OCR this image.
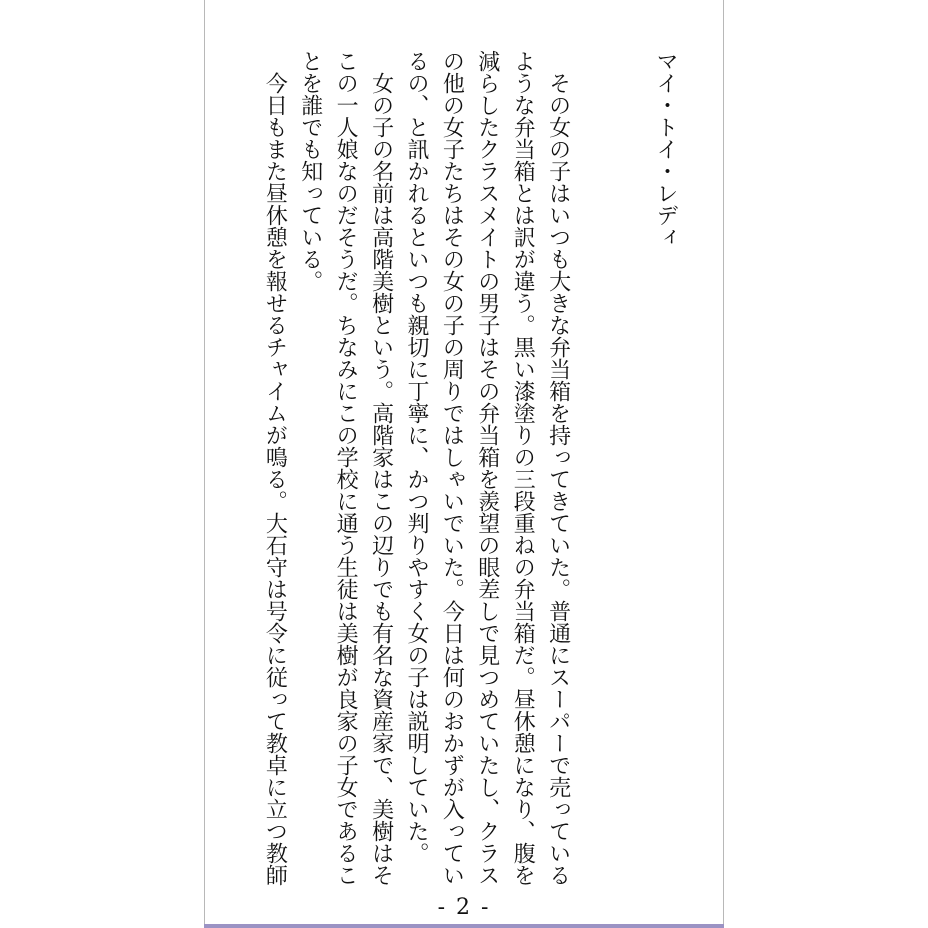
マイ・トイ・レディ

その女の子はいつも大きな弁当箱を持ってきていた。普通にスーパーで売っているような弁当箱とは訳が違う。黒い漆塗りの三段重ねの弁当箱だ。昼休憩になり、腹を減らしたクラスメイトの男子はその弁当箱を羨望の眼差しで見つめていたし、クラスの他の女子たちはその女の子の周りではしゃいでいた。今日は何のおかずが入っているの、と訊かれるといつも親切に丁寧に、かつ判りやすく女の子は説明していた。

女の子の名前は高階美樹という。高階家はこの辺りでも有名な資産家で、美樹はそこの一人娘なのだそうだ。ちなみにこの学校に通う生徒は美樹が良家の子女であることを誰でも知っている。

今日もまた昼休憩を報せるチャイムが鳴る。大石守は号令に従って教卓に立つ教師

- 2 -
